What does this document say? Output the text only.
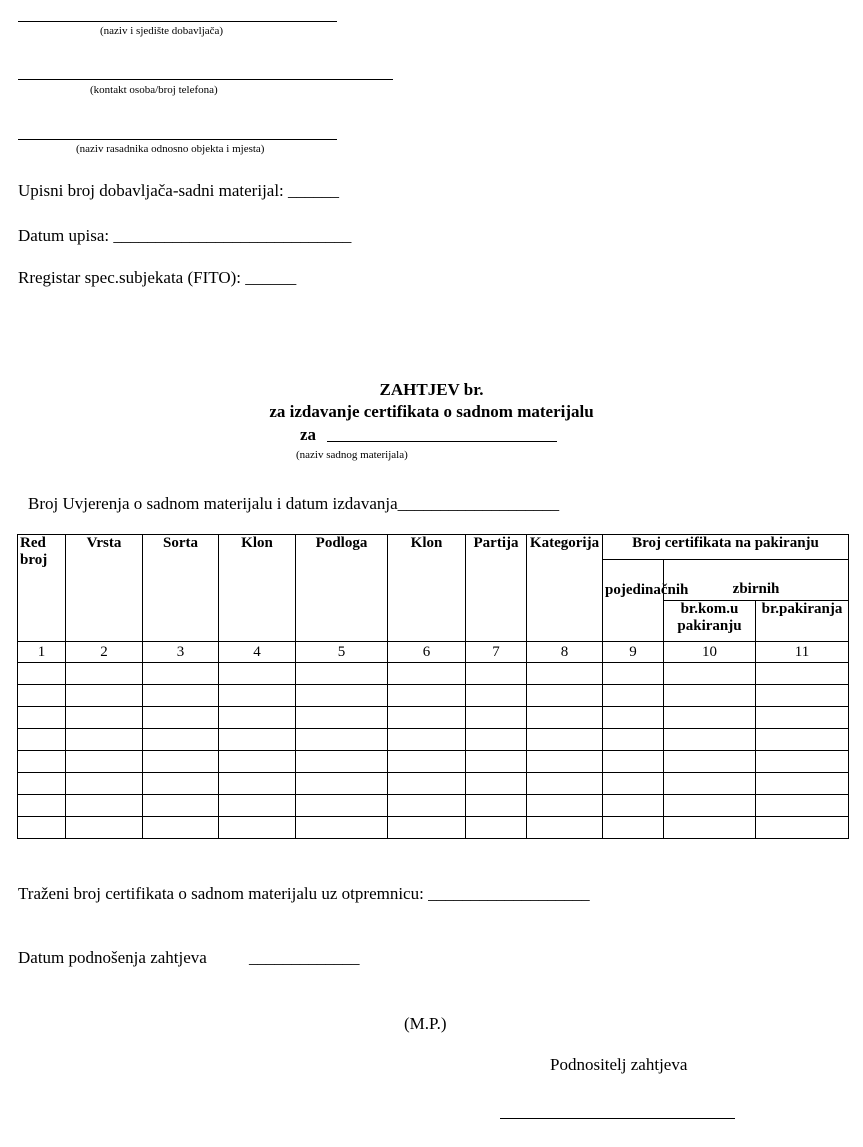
(naziv i sjedište dobavljača)
(kontakt osoba/broj telefona)
(naziv rasadnika odnosno objekta i mjesta)
Upisni broj dobavljača-sadni materijal: ______
Datum upisa: ____________________________
Rregistar spec.subjekata (FITO): ______
ZAHTJEV br.
za izdavanje certifikata o sadnom materijalu
za
(naziv sadnog materijala)
Broj Uvjerenja o sadnom materijalu i datum izdavanja___________________
Red broj	Vrsta	Sorta	Klon	Podloga	Klon	Partija	Kategorija	Broj certifikata na pakiranju		
								pojedinačnih	zbirnih	
									br.kom.u pakiranju	br.pakiranja
1	2	3	4	5	6	7	8	9	10	11

Traženi broj certifikata o sadnom materijalu uz otpremnicu: ___________________
Datum podnošenja zahtjeva _____________
(M.P.)
Podnositelj zahtjeva
